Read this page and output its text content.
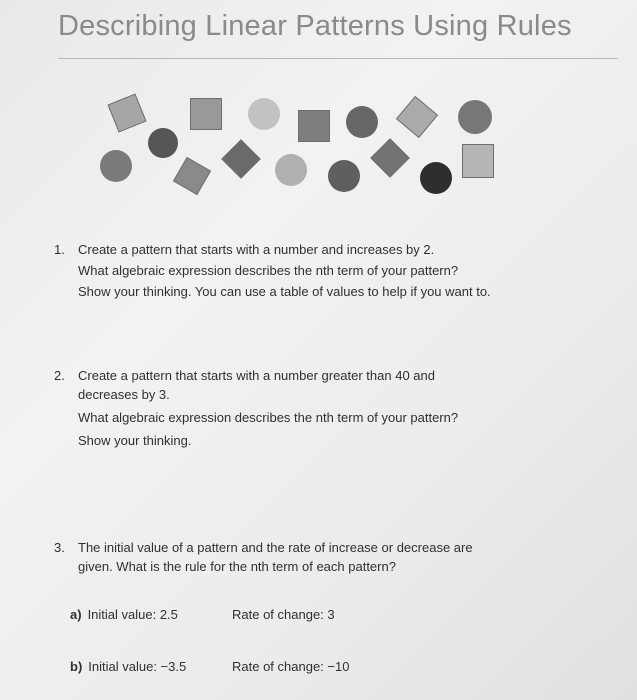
Describing Linear Patterns Using Rules
1.	Create a pattern that starts with a number and increases by 2.
What algebraic expression describes the nth term of your pattern?
Show your thinking. You can use a table of values to help if you want to.
2.	Create a pattern that starts with a number greater than 40 and
decreases by 3.
What algebraic expression describes the nth term of your pattern?
Show your thinking.
3.	The initial value of a pattern and the rate of increase or decrease are
given. What is the rule for the nth term of each pattern?
a) Initial value: 2.5	Rate of change: 3
b) Initial value: −3.5	Rate of change: −10
